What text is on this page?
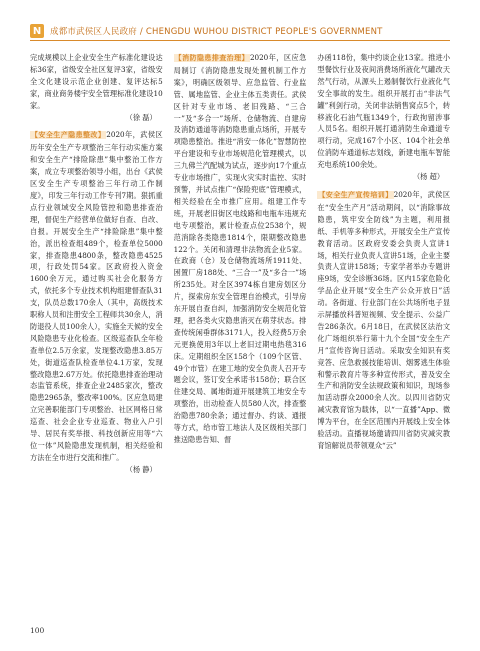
N	成都市武侯区人民政府 / CHENGDU WUHOU DISTRICT PEOPLE'S GOVERNMENT

完成规模以上企业安全生产标准化建设达标36家，省级安全社区复评3家，省级安全文化建设示范企业创建、复评达标5家，商业商务楼宇安全管理标准化建设10家。

（徐 磊）

【安全生产隐患整改】2020年，武侯区历年安全生产专项整治三年行动实施方案和安全生产“排险除患”集中整治工作方案，成立专项整治领导小组，出台《武侯区安全生产专项整治三年行动工作制度》，印发三年行动工作专刊7期。狠抓重点行业领域安全风险管控和隐患排查治理，督促生产经营单位做好自查、自改、自报。开展安全生产“排险除患”集中整治，派出检查组489个，检查单位5000家，排查隐患4800条，整改隐患4525项，行政处罚54家。区政府投入资金1600余万元，通过购买社会化服务方式，依托多个专业技术机构组建督查队31支，队员总数170余人（其中，高级技术职称人员和注册安全工程师共30余人，消防退役人员100余人），实施全天候的安全风险隐患专业化检查。区级巡查队全年检查单位2.5万余家，发现整改隐患3.85万处，街道巡查队检查单位4.1万家，发现整改隐患2.67万处。依托隐患排查治理动态监管系统，排查企业2485家次，整改隐患2965条，整改率100%。区应急局建立完善职能部门专项整治、社区网格日常巡查、社会企业专业巡查、物业入户引导、居民有奖举报、科技创新应用等“六位一体”风险隐患发现机制，相关经验和方法在全市进行交流和推广。

（杨 静）

【消防隐患排查治理】2020年，区应急局制订《消防隐患发现处置机制工作方案》，明确区级领导、应急监管、行业监管、属地监管、企业主体五类责任。武侯区针对专业市场、老旧残路、“三合一”及“多合一”场所、仓储物流、自建房及消防通道等消防隐患重点场所，开展专项隐患整治。推进“消安一体化”智慧防控平台建设和专业市场规范化管理模式，以三九佛兰汽配城为试点，逐步向17个重点专业市场推广，实现火灾实时监控、实时预警，并试点推广“保险兜底”管理模式，相关经验在全市推广应用。组建工作专班，开展老旧街区电线路和电瓶车违规充电专项整治，累计检查点位2538个，规范消除各类隐患1814个，限期整改隐患122个。关闭和清理非法物流企业5家。在政商（仓）及仓储物流场所1911处、困置厂房188处、“三合一”及“多合一”场所235处。对全区3974栋自建房划区分片，探索房东安全管理自治模式，引导房东开展自查自纠，加强消防安全规范化管理，把各类火灾隐患消灭在萌芽状态。排查传统闲垂群体3171人，投入经费5万余元更换使用3年以上老旧过期电热毯316床。定期组织全区158个（109个区管、49个市管）在建工地的安全负责人召开专题会议，签订安全承诺书158份；联合区住建交局、属地街道开展建筑工地安全专项整治，出动检查人员580人次，排查整治隐患780余条；通过督办、约谈、通报等方式，给市管工地法人及区级相关部门推送隐患告知、督

办函118份，集中约谈企业13家。推进小型餐饮行业及夜间消费场所液化气罐改天然气行动，从源头上遏制餐饮行业液化气安全事故的发生。组织开展打击“非法气罐”利剑行动，关闭非法销售窝点5个，转移液化石油气瓶1349个，行政拘留涉事人员5名。组织开展打通消防生命通道专项行动，完成167个小区、104个社会单位消防车通道标志划线，新建电瓶车智能充电系统100余处。

（杨 超）

【安全生产宣传培训】2020年，武侯区在“安全生产月”活动期间，以“消除事故隐患，筑牢安全防线”为主题，利用报纸、手机等多种形式，开展安全生产宣传教育活动。区政府安委会负责人宣讲1场，相关行业负责人宣讲51场，企业主要负责人宣讲158场；专家学者举办专题讲座9场，安全诊断36场。区内15家危险化学品企业开展“安全生产公众开放日”活动。各街道、行业部门在公共场所电子显示屏播放科普短视频、安全提示、公益广告286条次。6月18日，在武侯区法治文化广场组织举行第十九个全国“安全生产月”宣传咨询日活动。采取安全知识有奖竞答、应急救援技能培训、烟雾逃生体验和警示教育片等多种宣传形式，普及安全生产和消防安全法规政策和知识，现场参加活动群众2000余人次。以四川省防灾减灾教育馆为载体，以“一直播”App、微博为平台，在全区范围内开展线上安全体验活动。直播视场邀请四川省防灾减灾教育馆解说员带领观众“云”

100
